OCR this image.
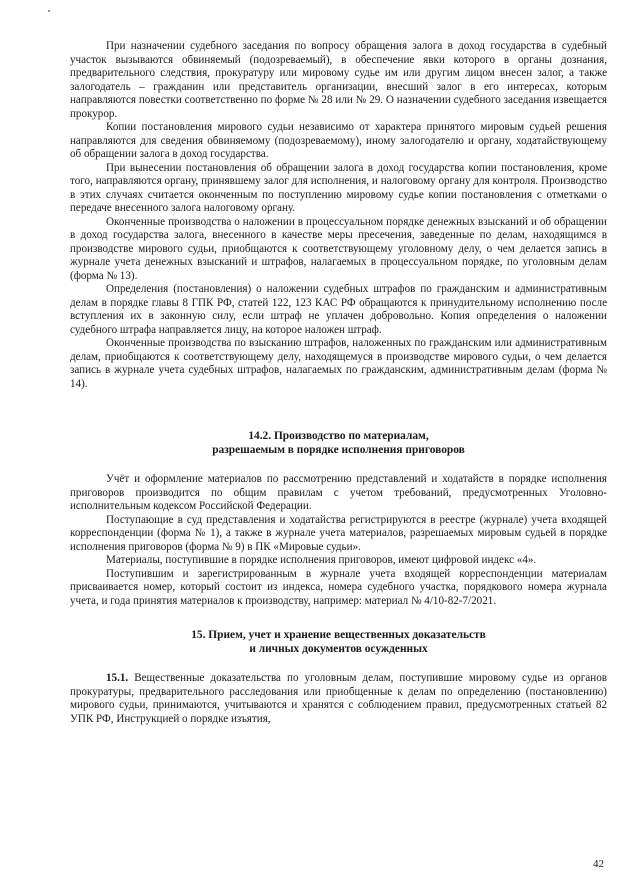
При назначении судебного заседания по вопросу обращения залога в доход государства в судебный участок вызываются обвиняемый (подозреваемый), в обеспечение явки которого в органы дознания, предварительного следствия, прокуратуру или мировому судье им или другим лицом внесен залог, а также залогодатель – гражданин или представитель организации, внесший залог в его интересах, которым направляются повестки соответственно по форме № 28 или № 29. О назначении судебного заседания извещается прокурор.

Копии постановления мирового судьи независимо от характера принятого мировым судьей решения направляются для сведения обвиняемому (подозреваемому), иному залогодателю и органу, ходатайствующему об обращении залога в доход государства.

При вынесении постановления об обращении залога в доход государства копии постановления, кроме того, направляются органу, принявшему залог для исполнения, и налоговому органу для контроля. Производство в этих случаях считается оконченным по поступлению мировому судье копии постановления с отметками о передаче внесенного залога налоговому органу.

Оконченные производства о наложении в процессуальном порядке денежных взысканий и об обращении в доход государства залога, внесенного в качестве меры пресечения, заведенные по делам, находящимся в производстве мирового судьи, приобщаются к соответствующему уголовному делу, о чем делается запись в журнале учета денежных взысканий и штрафов, налагаемых в процессуальном порядке, по уголовным делам (форма № 13).

Определения (постановления) о наложении судебных штрафов по гражданским и административным делам в порядке главы 8 ГПК РФ, статей 122, 123 КАС РФ обращаются к принудительному исполнению после вступления их в законную силу, если штраф не уплачен добровольно. Копия определения о наложении судебного штрафа направляется лицу, на которое наложен штраф.

Оконченные производства по взысканию штрафов, наложенных по гражданским или административным делам, приобщаются к соответствующему делу, находящемуся в производстве мирового судьи, о чем делается запись в журнале учета судебных штрафов, налагаемых по гражданским, административным делам (форма № 14).

14.2. Производство по материалам,
разрешаемым в порядке исполнения приговоров

Учёт и оформление материалов по рассмотрению представлений и ходатайств в порядке исполнения приговоров производится по общим правилам с учетом требований, предусмотренных Уголовно-исполнительным кодексом Российской Федерации.

Поступающие в суд представления и ходатайства регистрируются в реестре (журнале) учета входящей корреспонденции (форма № 1), а также в журнале учета материалов, разрешаемых мировым судьей в порядке исполнения приговоров (форма № 9) в ПК «Мировые судьи».

Материалы, поступившие в порядке исполнения приговоров, имеют цифровой индекс «4».

Поступившим и зарегистрированным в журнале учета входящей корреспонденции материалам присваивается номер, который состоит из индекса, номера судебного участка, порядкового номера журнала учета, и года принятия материалов к производству, например: материал № 4/10-82-7/2021.

15. Прием, учет и хранение вещественных доказательств
и личных документов осужденных

15.1. Вещественные доказательства по уголовным делам, поступившие мировому судье из органов прокуратуры, предварительного расследования или приобщенные к делам по определению (постановлению) мирового судьи, принимаются, учитываются и хранятся с соблюдением правил, предусмотренных статьей 82 УПК РФ, Инструкцией о порядке изъятия,

42
